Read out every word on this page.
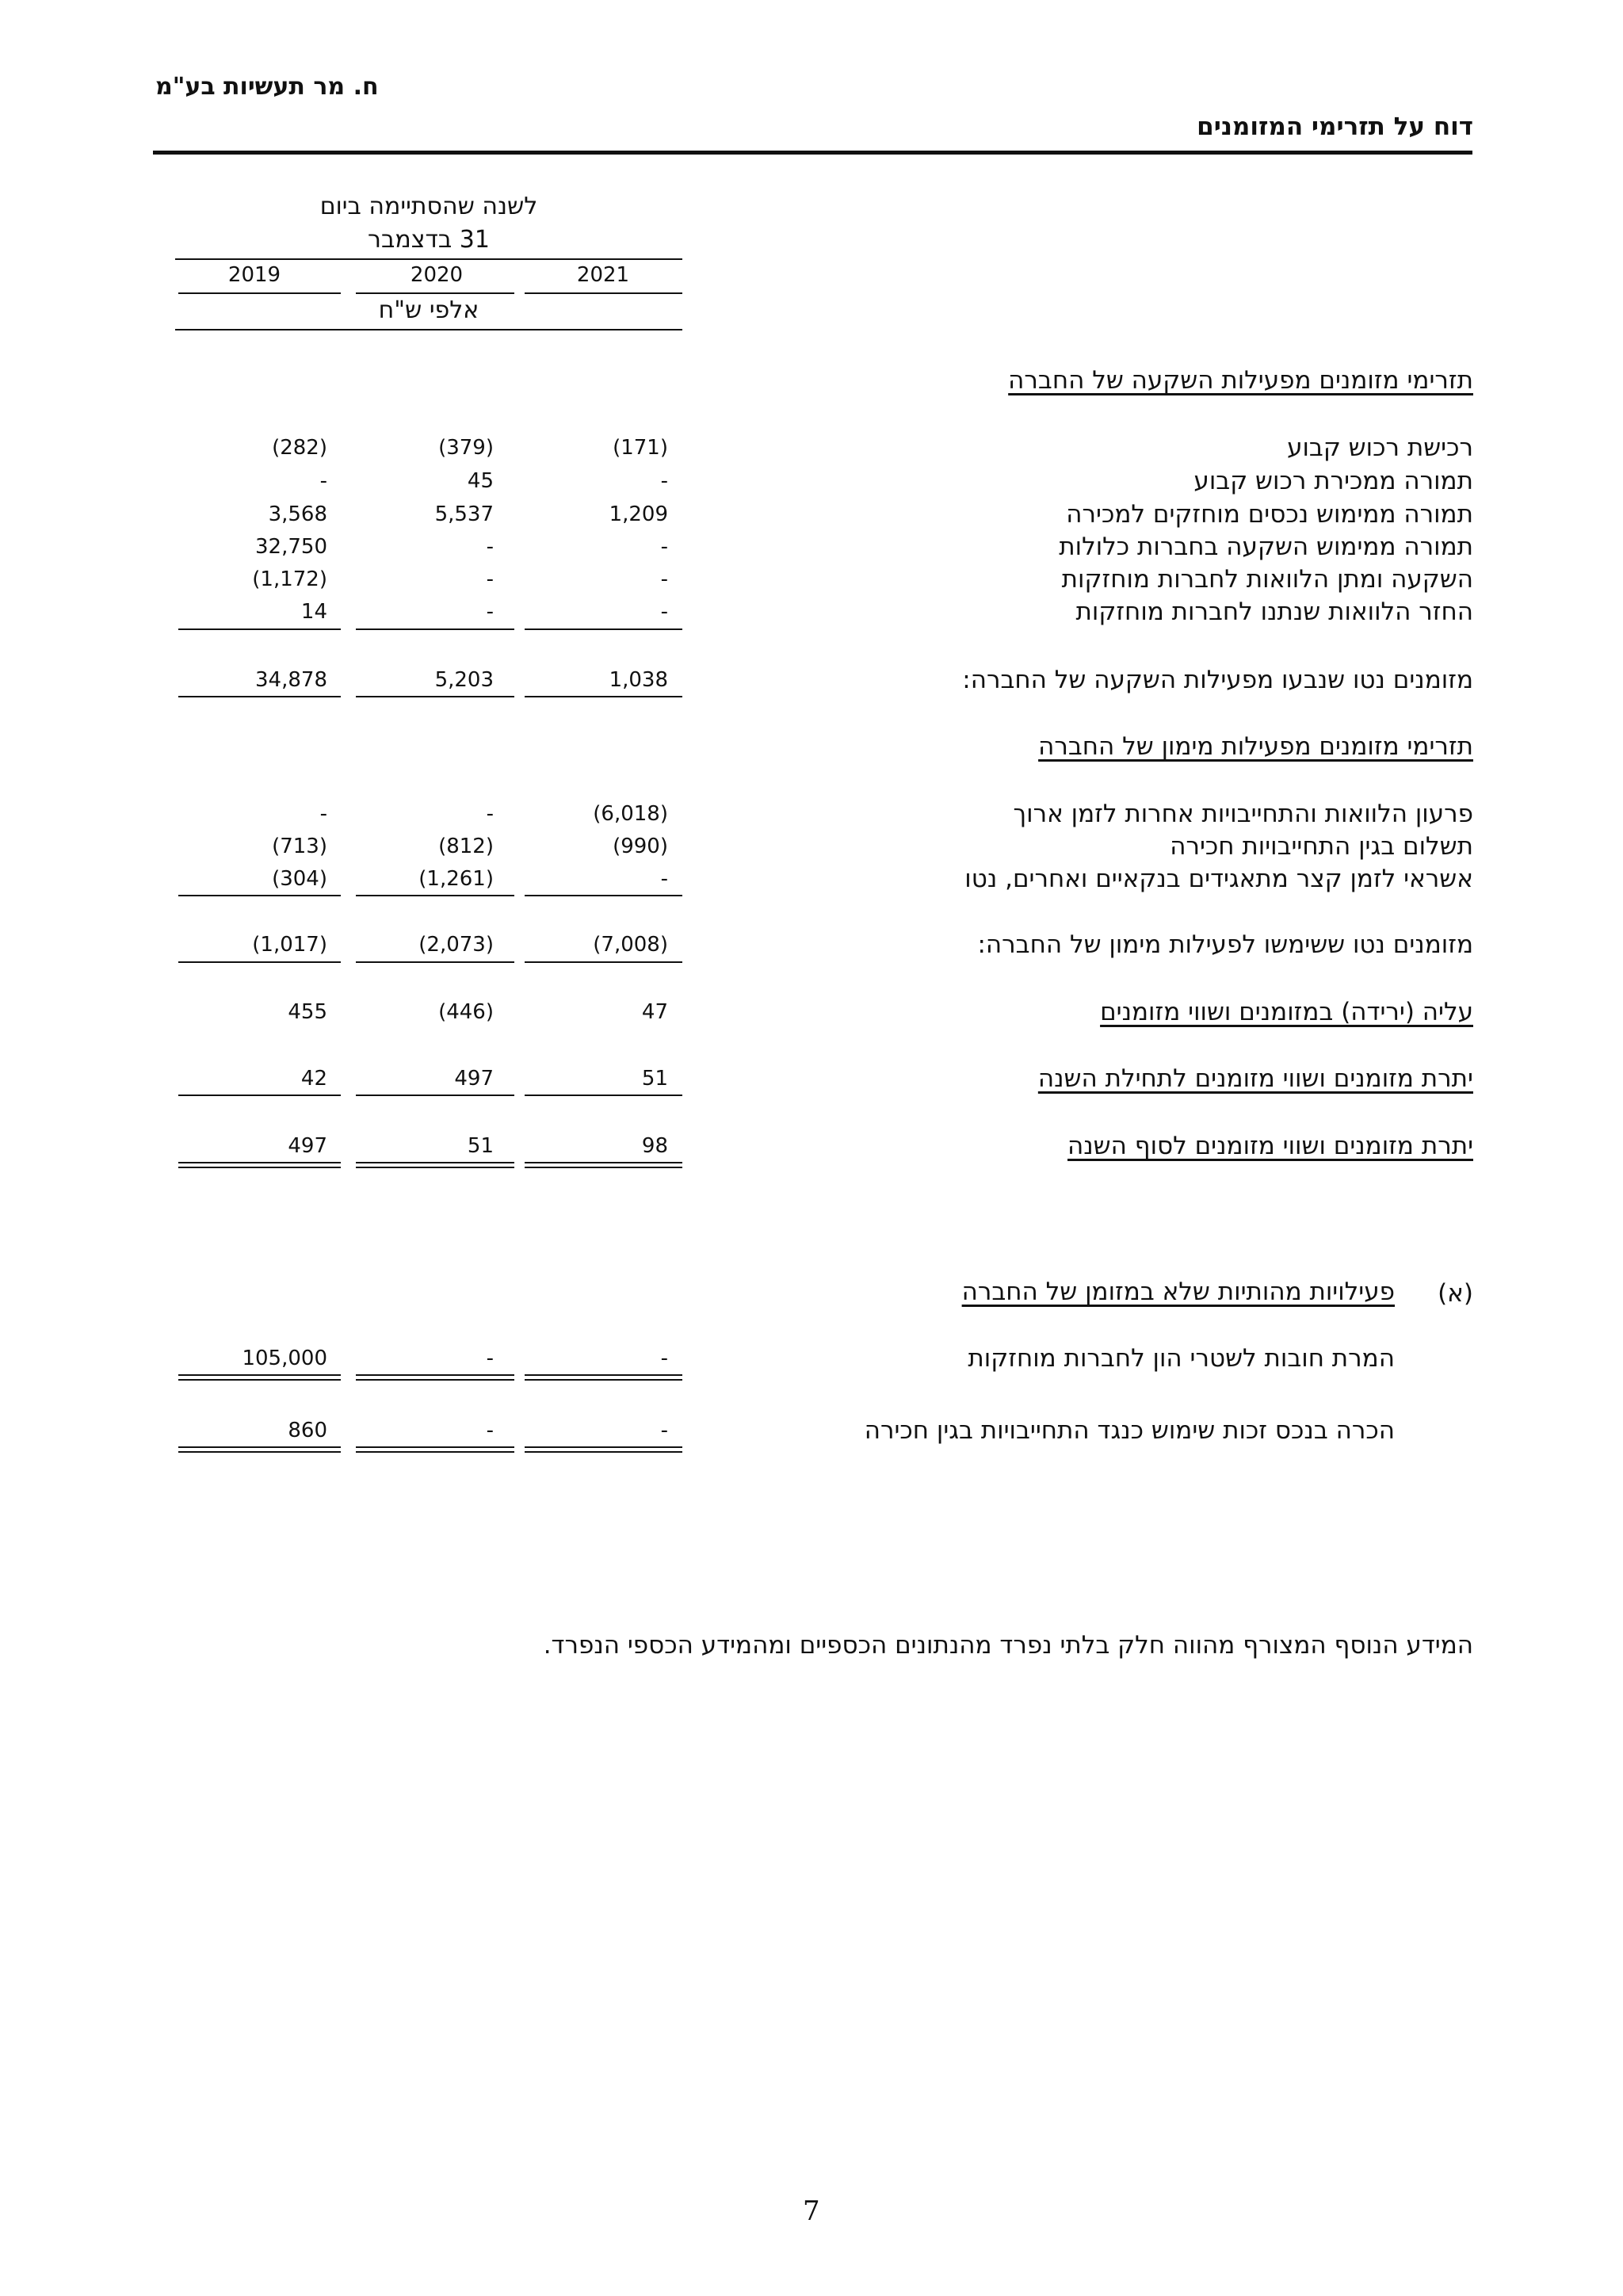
ח. מר תעשיות בע"מ
דוח על תזרימי המזומנים
לשנה שהסתיימה ביום
31 בדצמבר
2021
2020
2019
אלפי ש"ח
תזרימי מזומנים מפעילות השקעה של החברה
רכישת רכוש קבוע
(171)
(379)
(282)
תמורה ממכירת רכוש קבוע
-
45
-
תמורה ממימוש נכסים מוחזקים למכירה
1,209
5,537
3,568
תמורה ממימוש השקעה בחברות כלולות
-
-
32,750
השקעה ומתן הלוואות לחברות מוחזקות
-
-
(1,172)
החזר הלוואות שנתנו לחברות מוחזקות
-
-
14
מזומנים נטו שנבעו מפעילות השקעה של החברה:
1,038
5,203
34,878
תזרימי מזומנים מפעילות מימון של החברה
פרעון הלוואות והתחייבויות אחרות לזמן ארוך
(6,018)
-
-
תשלום בגין התחייבויות חכירה
(990)
(812)
(713)
אשראי לזמן קצר מתאגידים בנקאיים ואחרים, נטו
-
(1,261)
(304)
מזומנים נטו ששימשו לפעילות מימון של החברה:
(7,008)
(2,073)
(1,017)
עליה (ירידה) במזומנים ושווי מזומנים
47
(446)
455
יתרת מזומנים ושווי מזומנים לתחילת השנה
51
497
42
יתרת מזומנים ושווי מזומנים לסוף השנה
98
51
497
(א)
פעילויות מהותיות שלא במזומן של החברה
המרת חובות לשטרי הון לחברות מוחזקות
-
-
105,000
הכרה בנכס זכות שימוש כנגד התחייבויות בגין חכירה
-
-
860
המידע הנוסף המצורף מהווה חלק בלתי נפרד מהנתונים הכספיים ומהמידע הכספי הנפרד.
7
